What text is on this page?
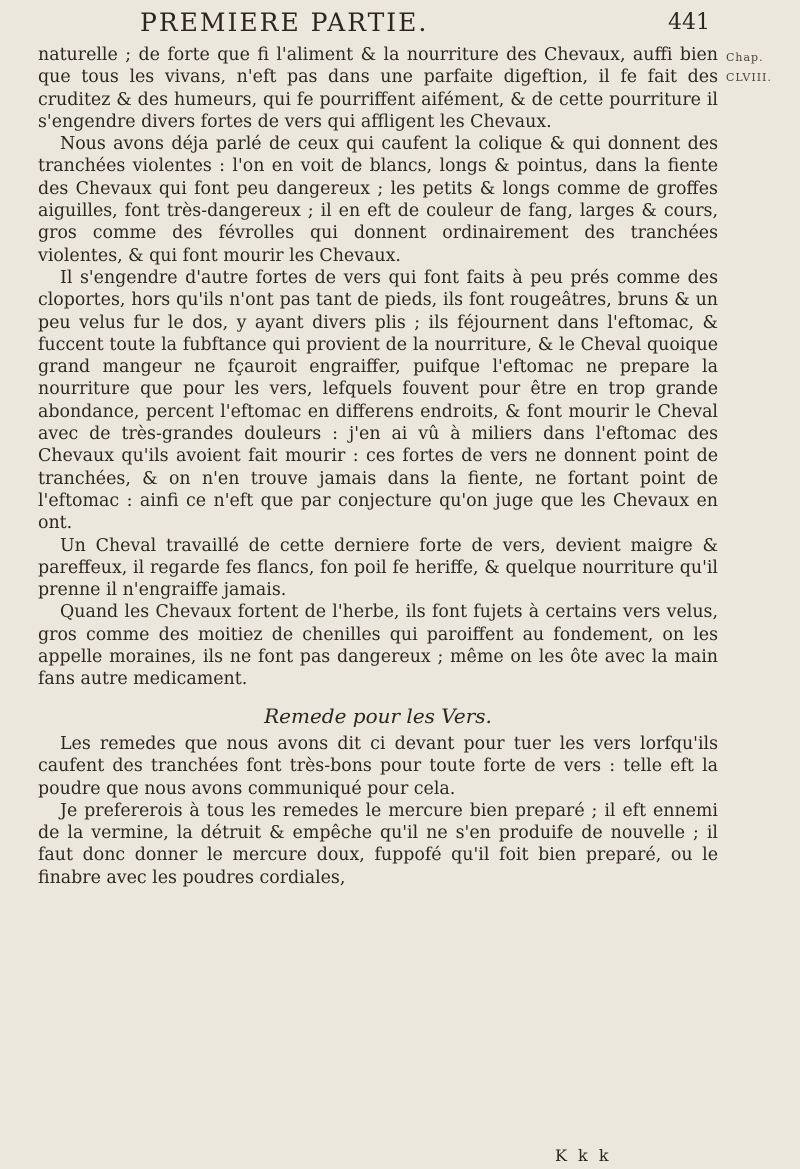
PREMIERE PARTIE.	441
Chap.
CLVIII.

naturelle ; de forte que fi l'aliment & la nourriture des Chevaux, auffi bien que tous les vivans, n'eft pas dans une parfaite digeftion, il fe fait des cruditez & des humeurs, qui fe pourriffent aifément, & de cette pourriture il s'engendre divers fortes de vers qui affligent les Chevaux.

Nous avons déja parlé de ceux qui caufent la colique & qui donnent des tranchées violentes : l'on en voit de blancs, longs & pointus, dans la fiente des Chevaux qui font peu dangereux ; les petits & longs comme de groffes aiguilles, font très-dangereux ; il en eft de couleur de fang, larges & cours, gros comme des févrolles qui donnent ordinairement des tranchées violentes, & qui font mourir les Chevaux.

Il s'engendre d'autre fortes de vers qui font faits à peu prés comme des cloportes, hors qu'ils n'ont pas tant de pieds, ils font rougeâtres, bruns & un peu velus fur le dos, y ayant divers plis ; ils féjournent dans l'eftomac, & fuccent toute la fubftance qui provient de la nourriture, & le Cheval quoique grand mangeur ne fçauroit engraiffer, puifque l'eftomac ne prepare la nourriture que pour les vers, lefquels fouvent pour être en trop grande abondance, percent l'eftomac en differens endroits, & font mourir le Cheval avec de très-grandes douleurs : j'en ai vû à miliers dans l'eftomac des Chevaux qu'ils avoient fait mourir : ces fortes de vers ne donnent point de tranchées, & on n'en trouve jamais dans la fiente, ne fortant point de l'eftomac : ainfi ce n'eft que par conjecture qu'on juge que les Chevaux en ont.

Un Cheval travaillé de cette derniere forte de vers, devient maigre & pareffeux, il regarde fes flancs, fon poil fe heriffe, & quelque nourriture qu'il prenne il n'engraiffe jamais.

Quand les Chevaux fortent de l'herbe, ils font fujets à certains vers velus, gros comme des moitiez de chenilles qui paroiffent au fondement, on les appelle moraines, ils ne font pas dangereux ; même on les ôte avec la main fans autre medicament.

Remede pour les Vers.

Les remedes que nous avons dit ci devant pour tuer les vers lorfqu'ils caufent des tranchées font très-bons pour toute forte de vers : telle eft la poudre que nous avons communiqué pour cela.

Je prefererois à tous les remedes le mercure bien preparé ; il eft ennemi de la vermine, la détruit & empêche qu'il ne s'en produife de nouvelle ; il faut donc donner le mercure doux, fuppofé qu'il foit bien preparé, ou le finabre avec les poudres cordiales,

K k k
